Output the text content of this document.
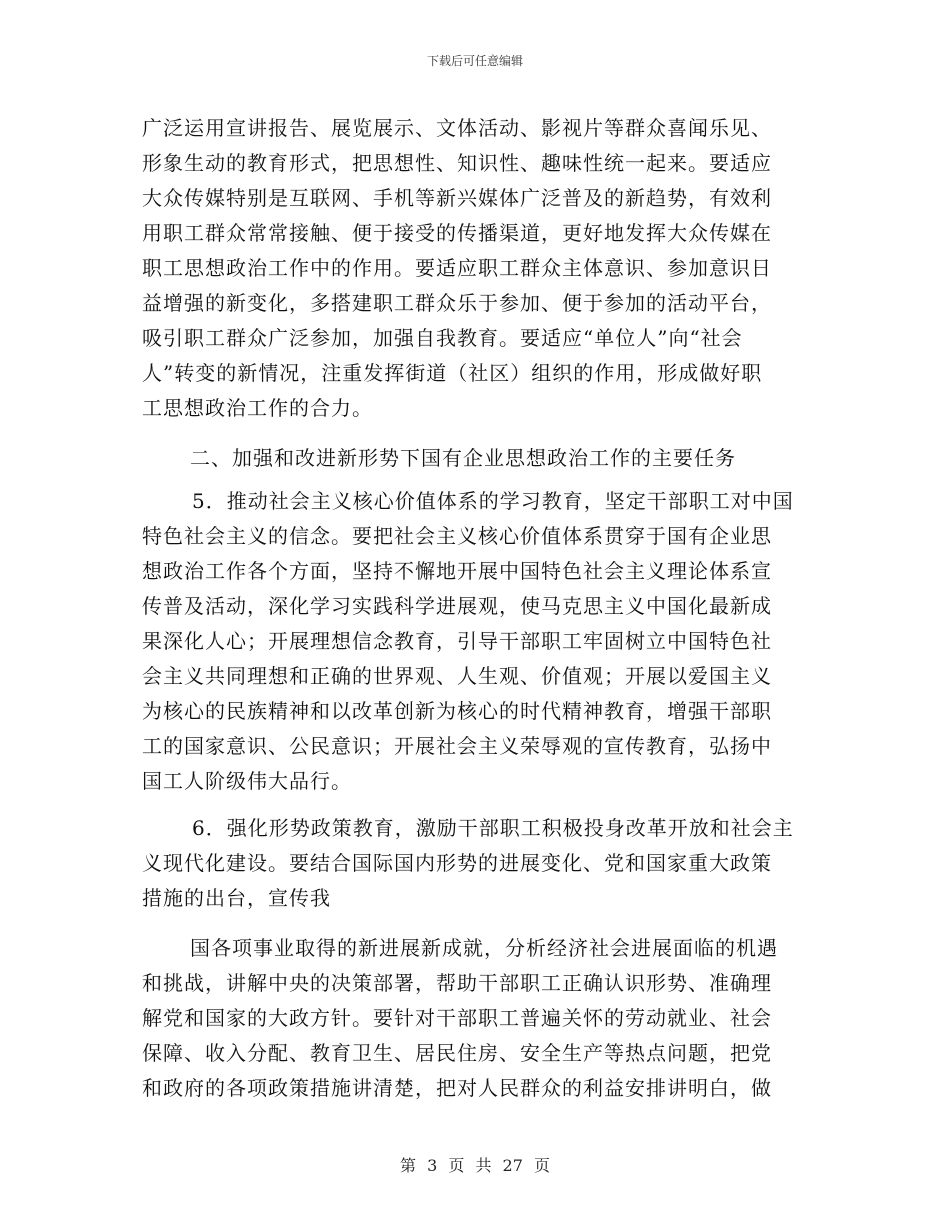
下载后可任意编辑
广泛运用宣讲报告、展览展示、文体活动、影视片等群众喜闻乐见、
形象生动的教育形式，把思想性、知识性、趣味性统一起来。要适应
大众传媒特别是互联网、手机等新兴媒体广泛普及的新趋势，有效利
用职工群众常常接触、便于接受的传播渠道，更好地发挥大众传媒在
职工思想政治工作中的作用。要适应职工群众主体意识、参加意识日
益增强的新变化，多搭建职工群众乐于参加、便于参加的活动平台，
吸引职工群众广泛参加，加强自我教育。要适应“单位人”向“社会
人”转变的新情况，注重发挥街道（社区）组织的作用，形成做好职
工思想政治工作的合力。
二、加强和改进新形势下国有企业思想政治工作的主要任务
5．推动社会主义核心价值体系的学习教育，坚定干部职工对中国
特色社会主义的信念。要把社会主义核心价值体系贯穿于国有企业思
想政治工作各个方面，坚持不懈地开展中国特色社会主义理论体系宣
传普及活动，深化学习实践科学进展观，使马克思主义中国化最新成
果深化人心；开展理想信念教育，引导干部职工牢固树立中国特色社
会主义共同理想和正确的世界观、人生观、价值观；开展以爱国主义
为核心的民族精神和以改革创新为核心的时代精神教育，增强干部职
工的国家意识、公民意识；开展社会主义荣辱观的宣传教育，弘扬中
国工人阶级伟大品行。
6．强化形势政策教育，激励干部职工积极投身改革开放和社会主
义现代化建设。要结合国际国内形势的进展变化、党和国家重大政策
措施的出台，宣传我
国各项事业取得的新进展新成就，分析经济社会进展面临的机遇
和挑战，讲解中央的决策部署，帮助干部职工正确认识形势、准确理
解党和国家的大政方针。要针对干部职工普遍关怀的劳动就业、社会
保障、收入分配、教育卫生、居民住房、安全生产等热点问题，把党
和政府的各项政策措施讲清楚，把对人民群众的利益安排讲明白，做
第 3 页 共 27 页
